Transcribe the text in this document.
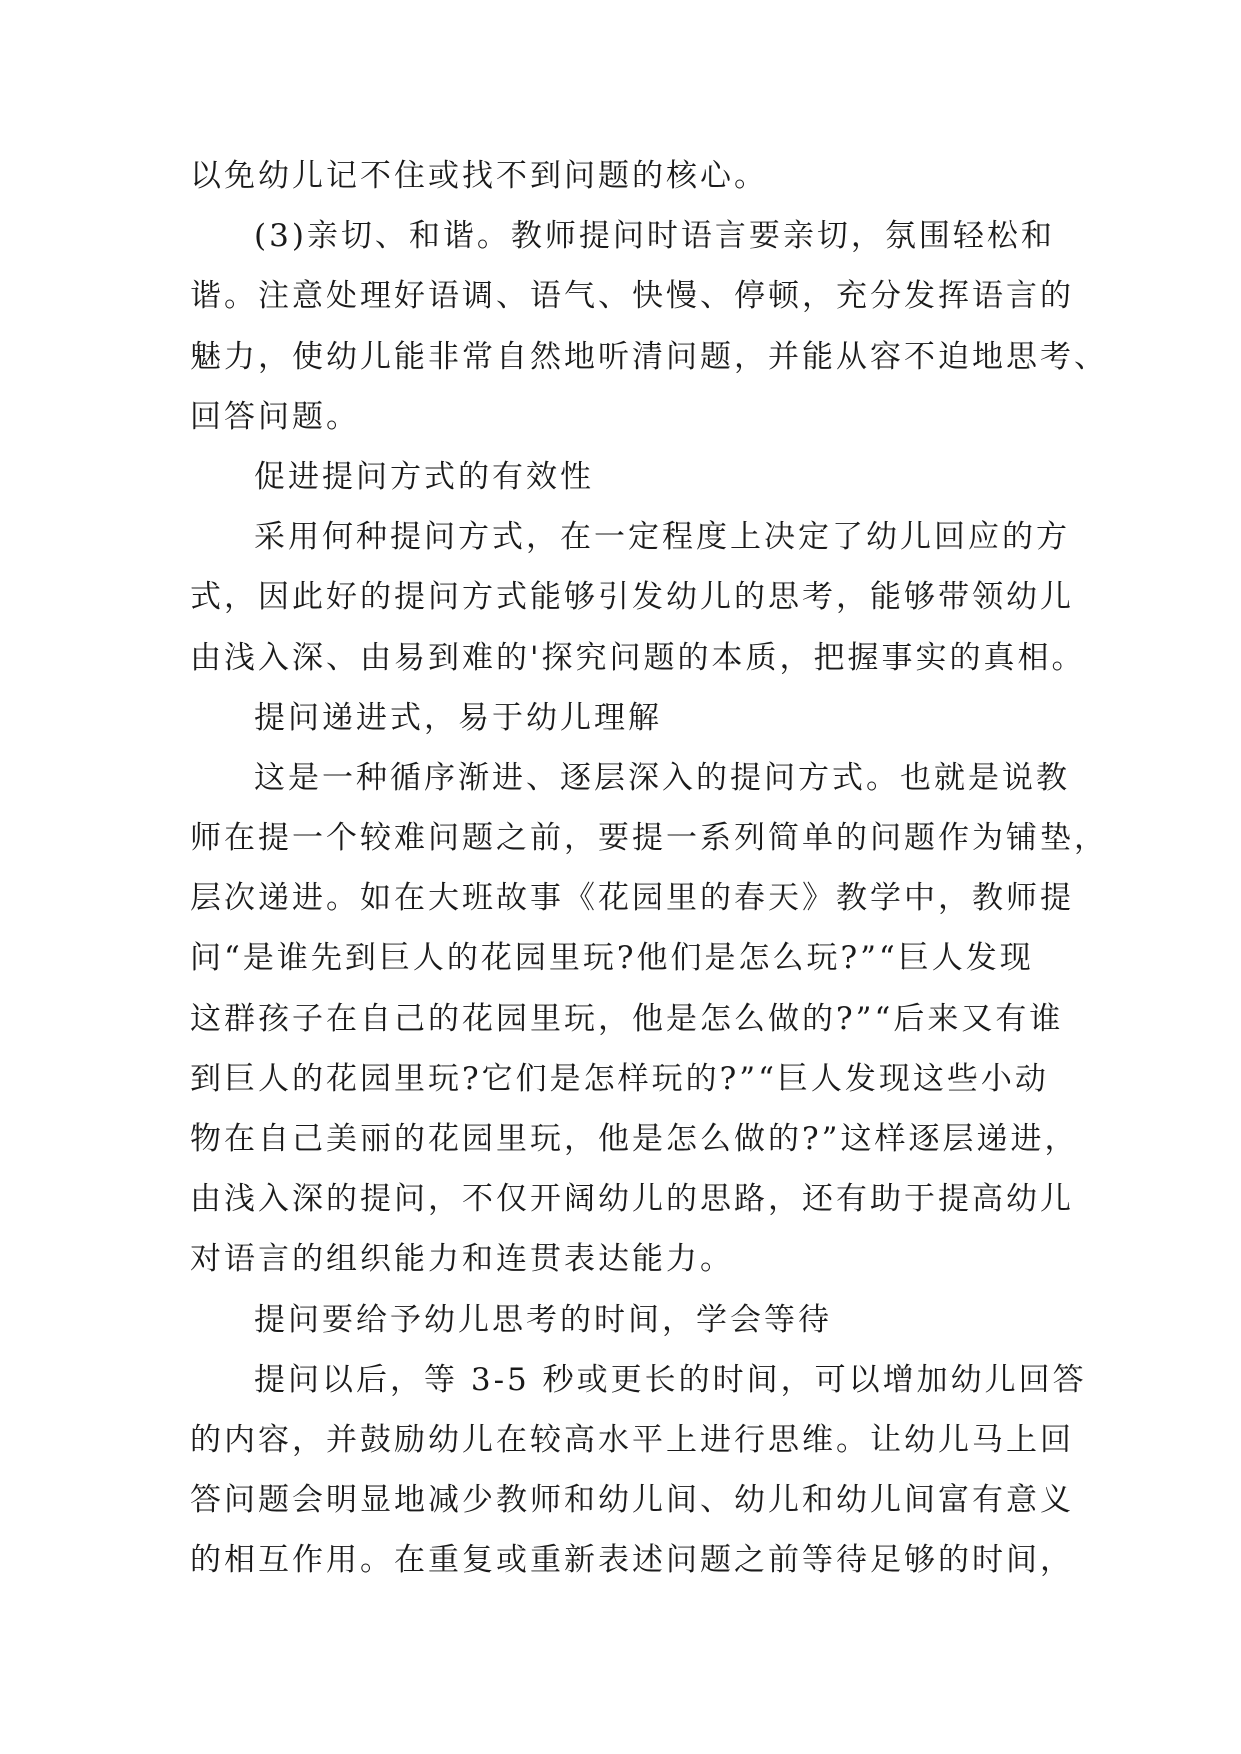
以免幼儿记不住或找不到问题的核心。
(3)亲切、和谐。教师提问时语言要亲切，氛围轻松和
谐。注意处理好语调、语气、快慢、停顿，充分发挥语言的
魅力，使幼儿能非常自然地听清问题，并能从容不迫地思考、
回答问题。
促进提问方式的有效性
采用何种提问方式，在一定程度上决定了幼儿回应的方
式，因此好的提问方式能够引发幼儿的思考，能够带领幼儿
由浅入深、由易到难的'探究问题的本质，把握事实的真相。
提问递进式，易于幼儿理解
这是一种循序渐进、逐层深入的提问方式。也就是说教
师在提一个较难问题之前，要提一系列简单的问题作为铺垫，
层次递进。如在大班故事《花园里的春天》教学中，教师提
问“是谁先到巨人的花园里玩?他们是怎么玩?”“巨人发现
这群孩子在自己的花园里玩，他是怎么做的?”“后来又有谁
到巨人的花园里玩?它们是怎样玩的?”“巨人发现这些小动
物在自己美丽的花园里玩，他是怎么做的?”这样逐层递进，
由浅入深的提问，不仅开阔幼儿的思路，还有助于提高幼儿
对语言的组织能力和连贯表达能力。
提问要给予幼儿思考的时间，学会等待
提问以后，等 3-5 秒或更长的时间，可以增加幼儿回答
的内容，并鼓励幼儿在较高水平上进行思维。让幼儿马上回
答问题会明显地减少教师和幼儿间、幼儿和幼儿间富有意义
的相互作用。在重复或重新表述问题之前等待足够的时间，
